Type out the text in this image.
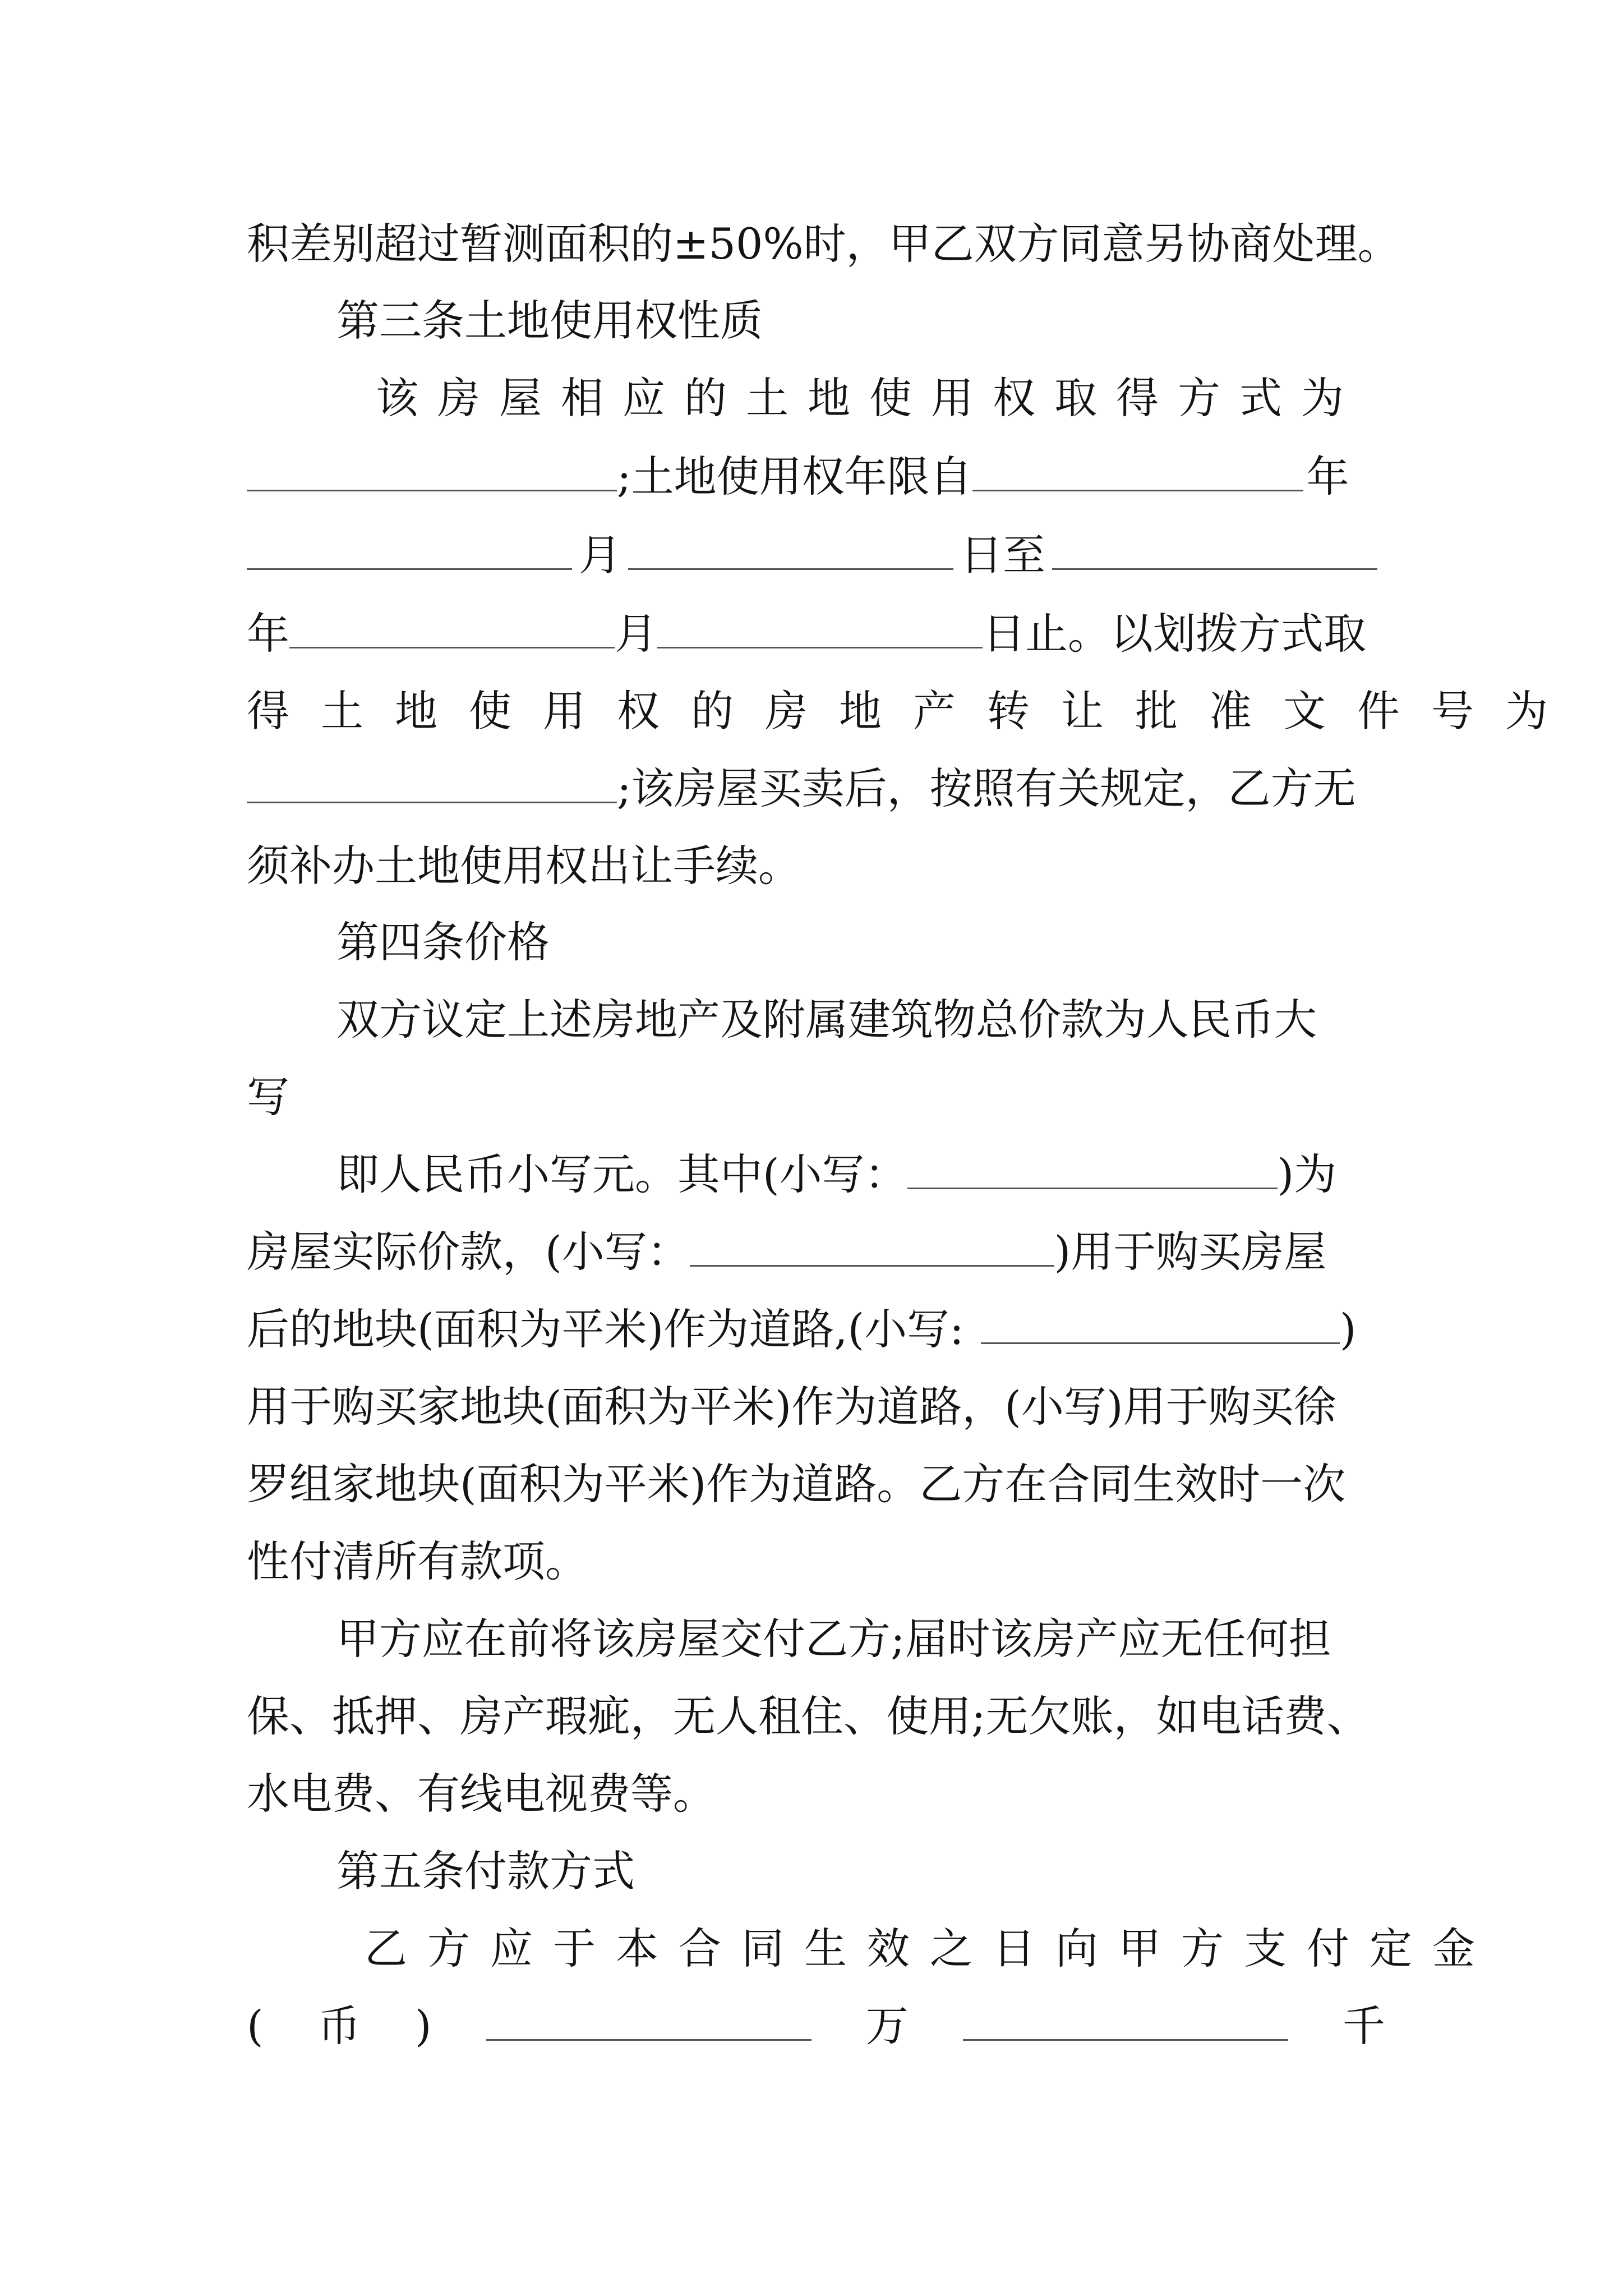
积差别超过暂测面积的±50%时，甲乙双方同意另协商处理。
第三条土地使用权性质
该房屋相应的土地使用权取得方式为
;土地使用权年限自	年
月	日至
年	月	日止。以划拨方式取
得土地使用权的房地产转让批准文件号为
;该房屋买卖后，按照有关规定，乙方无
须补办土地使用权出让手续。
第四条价格
双方议定上述房地产及附属建筑物总价款为人民币大
写
即人民币小写元。其中(小写：	)为
房屋实际价款，(小写：	)用于购买房屋
后的地块(面积为平米)作为道路,(小写:	)
用于购买家地块(面积为平米)作为道路，(小写)用于购买徐
罗组家地块(面积为平米)作为道路。乙方在合同生效时一次
性付清所有款项。
甲方应在前将该房屋交付乙方;届时该房产应无任何担
保、抵押、房产瑕疵，无人租住、使用;无欠账，如电话费、
水电费、有线电视费等。
第五条付款方式
乙方应于本合同生效之日向甲方支付定金
( 币 )	万	千
